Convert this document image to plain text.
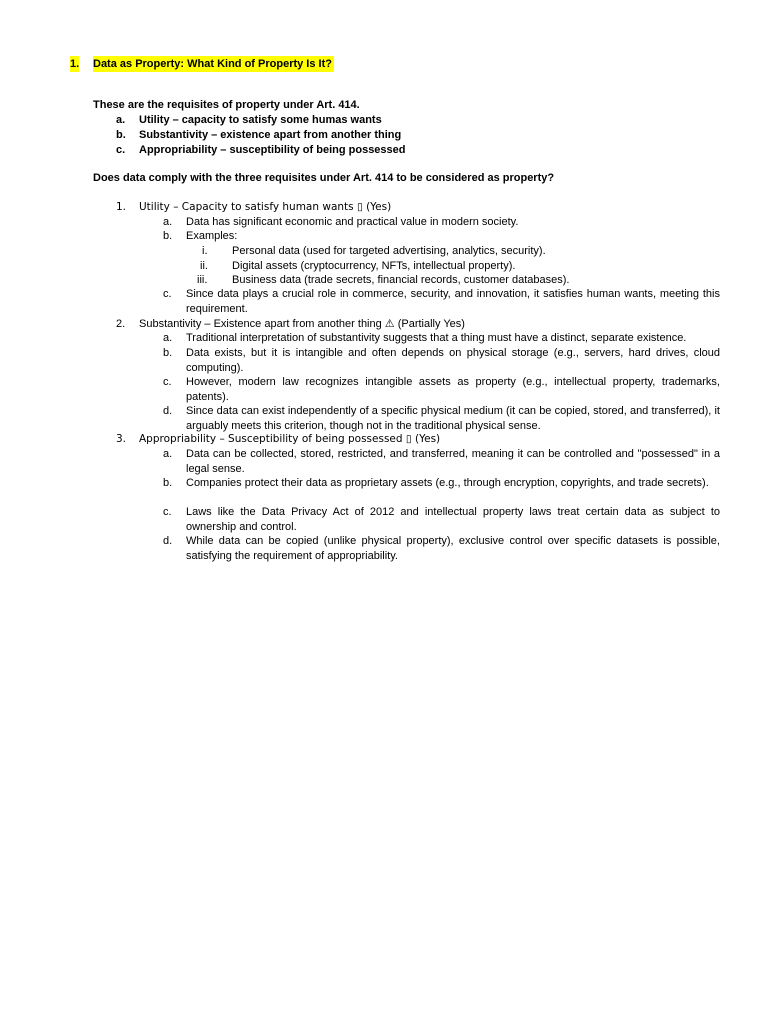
1. Data as Property: What Kind of Property Is It?
These are the requisites of property under Art. 414.
a. Utility – capacity to satisfy some humas wants
b. Substantivity – existence apart from another thing
c. Appropriability – susceptibility of being possessed
Does data comply with the three requisites under Art. 414 to be considered as property?
1. Utility – Capacity to satisfy human wants ▯ (Yes)
a. Data has significant economic and practical value in modern society.
b. Examples:
i. Personal data (used for targeted advertising, analytics, security).
ii. Digital assets (cryptocurrency, NFTs, intellectual property).
iii. Business data (trade secrets, financial records, customer databases).
c. Since data plays a crucial role in commerce, security, and innovation, it satisfies human wants, meeting this requirement.
2. Substantivity – Existence apart from another thing ⚠ (Partially Yes)
a. Traditional interpretation of substantivity suggests that a thing must have a distinct, separate existence.
b. Data exists, but it is intangible and often depends on physical storage (e.g., servers, hard drives, cloud computing).
c. However, modern law recognizes intangible assets as property (e.g., intellectual property, trademarks, patents).
d. Since data can exist independently of a specific physical medium (it can be copied, stored, and transferred), it arguably meets this criterion, though not in the traditional physical sense.
3. Appropriability – Susceptibility of being possessed ▯ (Yes)
a. Data can be collected, stored, restricted, and transferred, meaning it can be controlled and "possessed" in a legal sense.
b. Companies protect their data as proprietary assets (e.g., through encryption, copyrights, and trade secrets).
c. Laws like the Data Privacy Act of 2012 and intellectual property laws treat certain data as subject to ownership and control.
d. While data can be copied (unlike physical property), exclusive control over specific datasets is possible, satisfying the requirement of appropriability.
